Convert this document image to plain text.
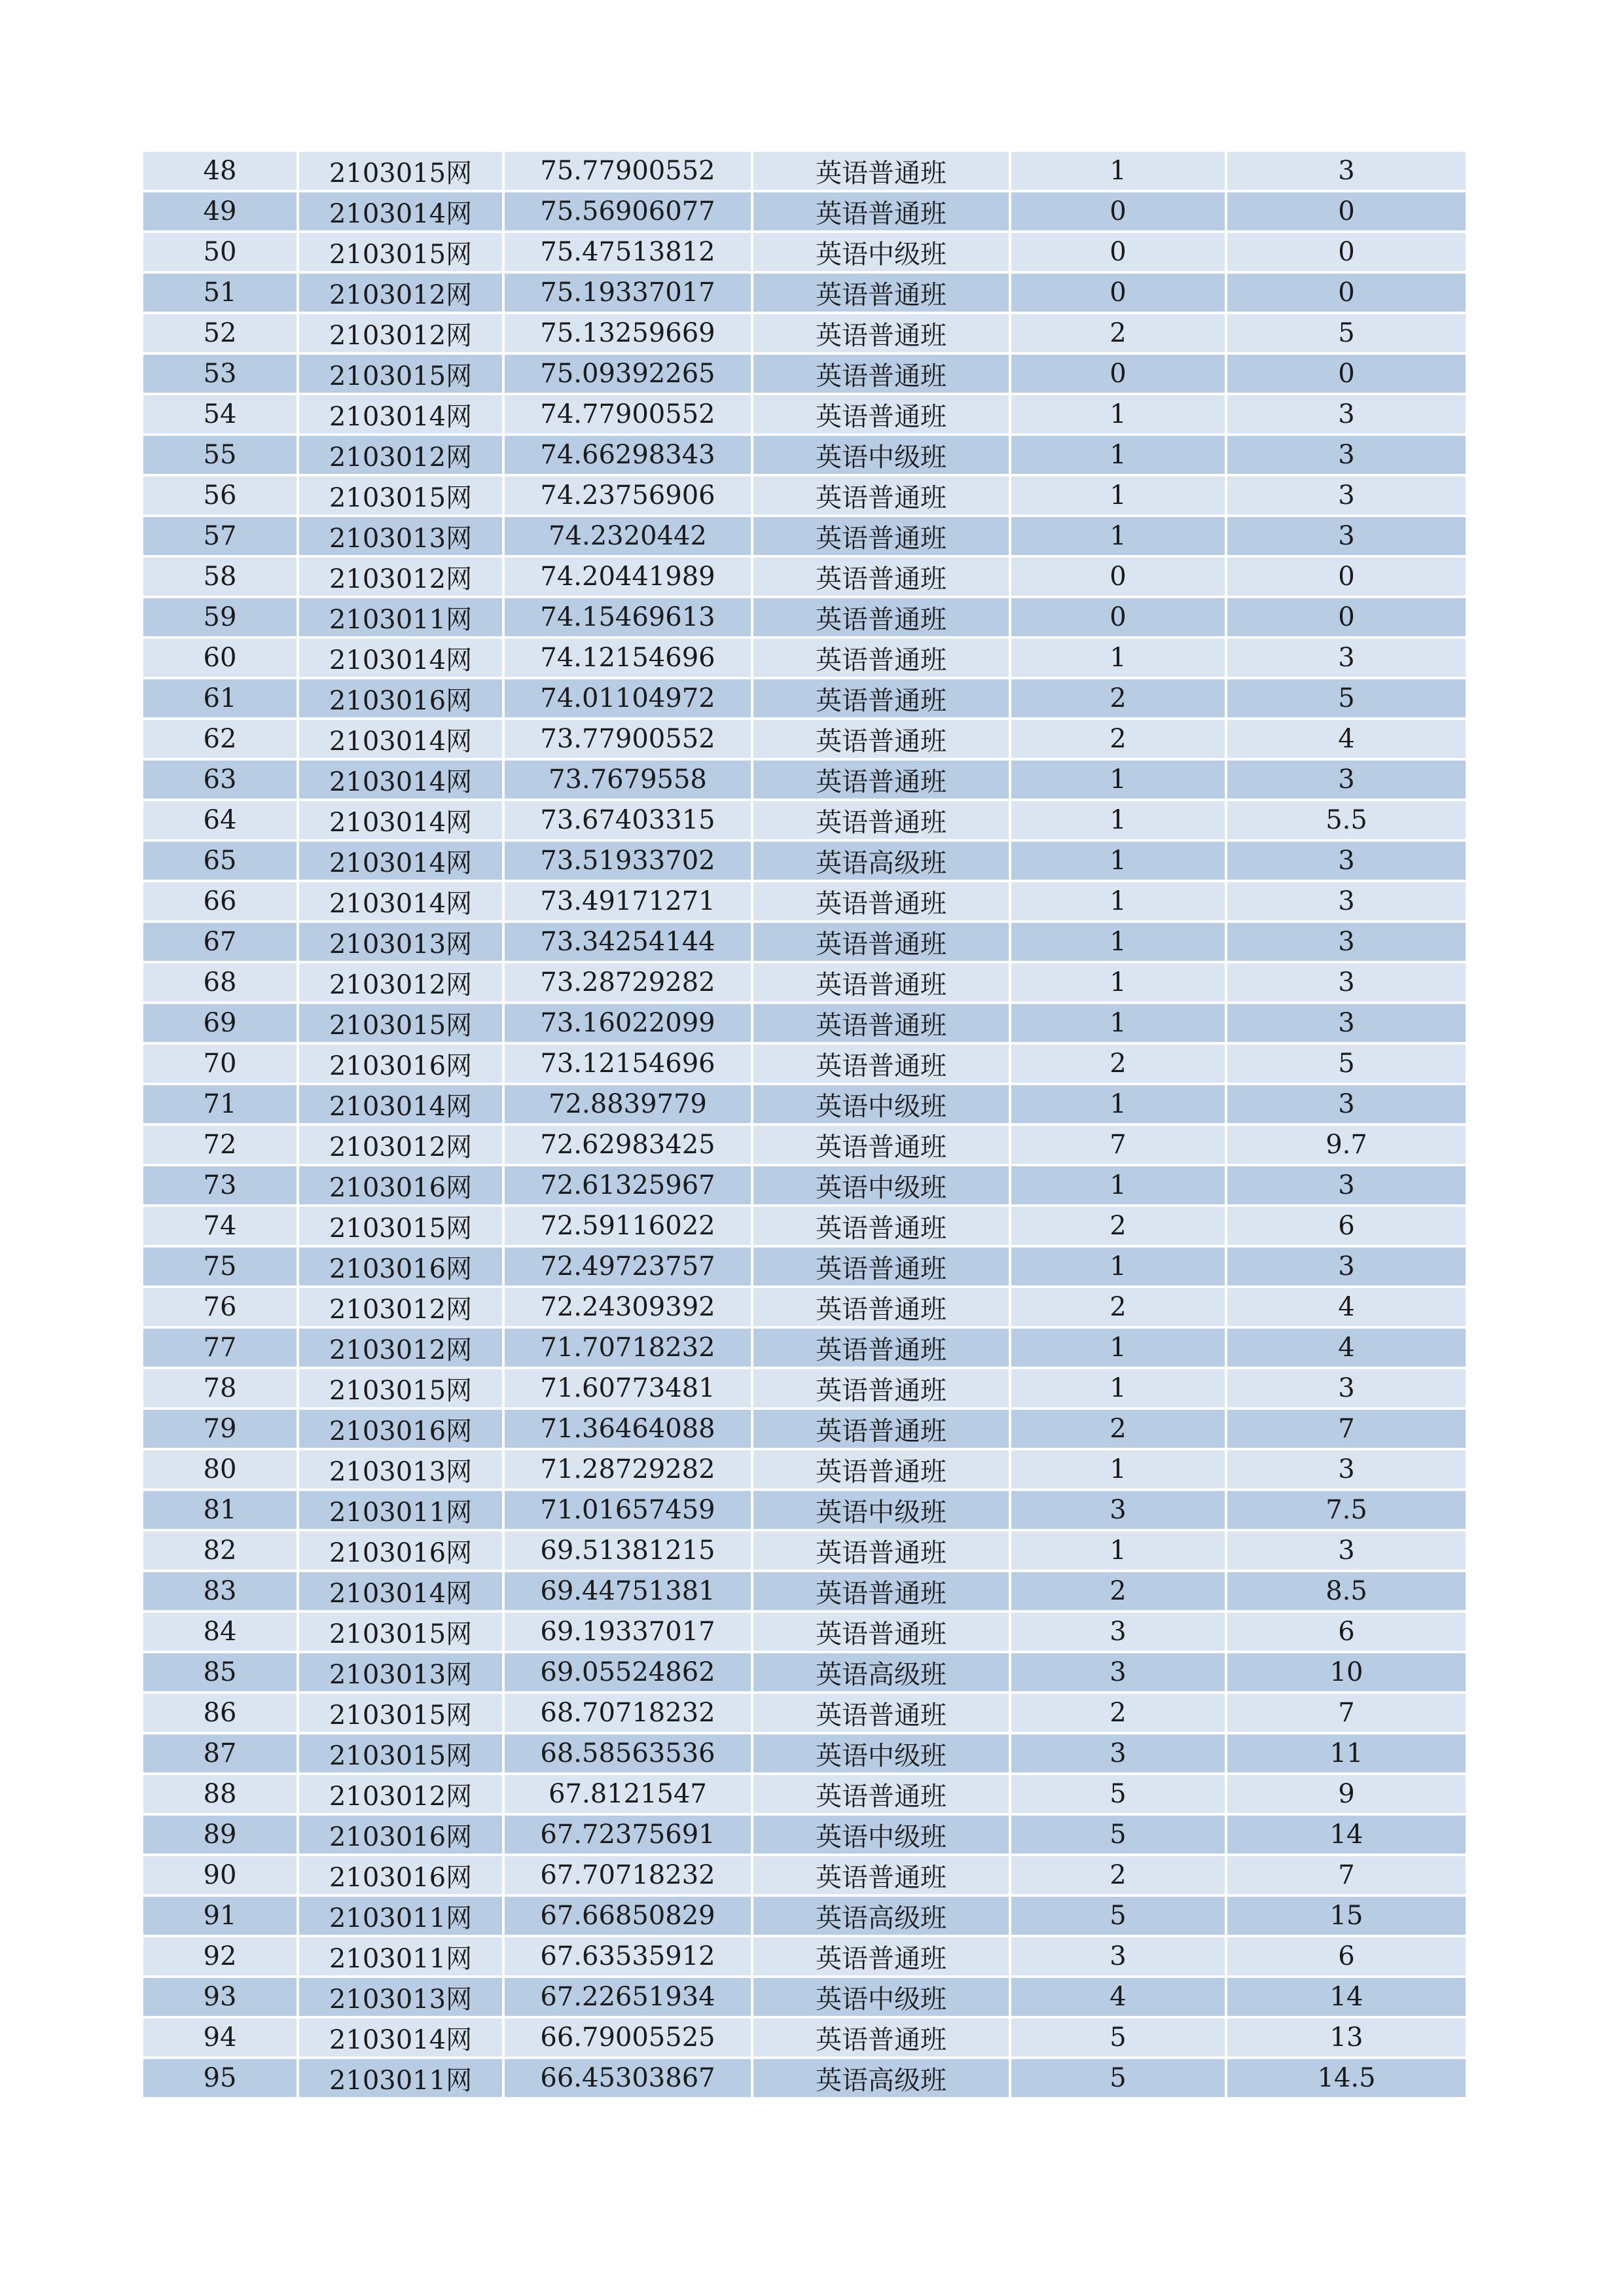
48	2103015网	75.77900552	英语普通班	1	3
49	2103014网	75.56906077	英语普通班	0	0
50	2103015网	75.47513812	英语中级班	0	0
51	2103012网	75.19337017	英语普通班	0	0
52	2103012网	75.13259669	英语普通班	2	5
53	2103015网	75.09392265	英语普通班	0	0
54	2103014网	74.77900552	英语普通班	1	3
55	2103012网	74.66298343	英语中级班	1	3
56	2103015网	74.23756906	英语普通班	1	3
57	2103013网	74.2320442	英语普通班	1	3
58	2103012网	74.20441989	英语普通班	0	0
59	2103011网	74.15469613	英语普通班	0	0
60	2103014网	74.12154696	英语普通班	1	3
61	2103016网	74.01104972	英语普通班	2	5
62	2103014网	73.77900552	英语普通班	2	4
63	2103014网	73.7679558	英语普通班	1	3
64	2103014网	73.67403315	英语普通班	1	5.5
65	2103014网	73.51933702	英语高级班	1	3
66	2103014网	73.49171271	英语普通班	1	3
67	2103013网	73.34254144	英语普通班	1	3
68	2103012网	73.28729282	英语普通班	1	3
69	2103015网	73.16022099	英语普通班	1	3
70	2103016网	73.12154696	英语普通班	2	5
71	2103014网	72.8839779	英语中级班	1	3
72	2103012网	72.62983425	英语普通班	7	9.7
73	2103016网	72.61325967	英语中级班	1	3
74	2103015网	72.59116022	英语普通班	2	6
75	2103016网	72.49723757	英语普通班	1	3
76	2103012网	72.24309392	英语普通班	2	4
77	2103012网	71.70718232	英语普通班	1	4
78	2103015网	71.60773481	英语普通班	1	3
79	2103016网	71.36464088	英语普通班	2	7
80	2103013网	71.28729282	英语普通班	1	3
81	2103011网	71.01657459	英语中级班	3	7.5
82	2103016网	69.51381215	英语普通班	1	3
83	2103014网	69.44751381	英语普通班	2	8.5
84	2103015网	69.19337017	英语普通班	3	6
85	2103013网	69.05524862	英语高级班	3	10
86	2103015网	68.70718232	英语普通班	2	7
87	2103015网	68.58563536	英语中级班	3	11
88	2103012网	67.8121547	英语普通班	5	9
89	2103016网	67.72375691	英语中级班	5	14
90	2103016网	67.70718232	英语普通班	2	7
91	2103011网	67.66850829	英语高级班	5	15
92	2103011网	67.63535912	英语普通班	3	6
93	2103013网	67.22651934	英语中级班	4	14
94	2103014网	66.79005525	英语普通班	5	13
95	2103011网	66.45303867	英语高级班	5	14.5
